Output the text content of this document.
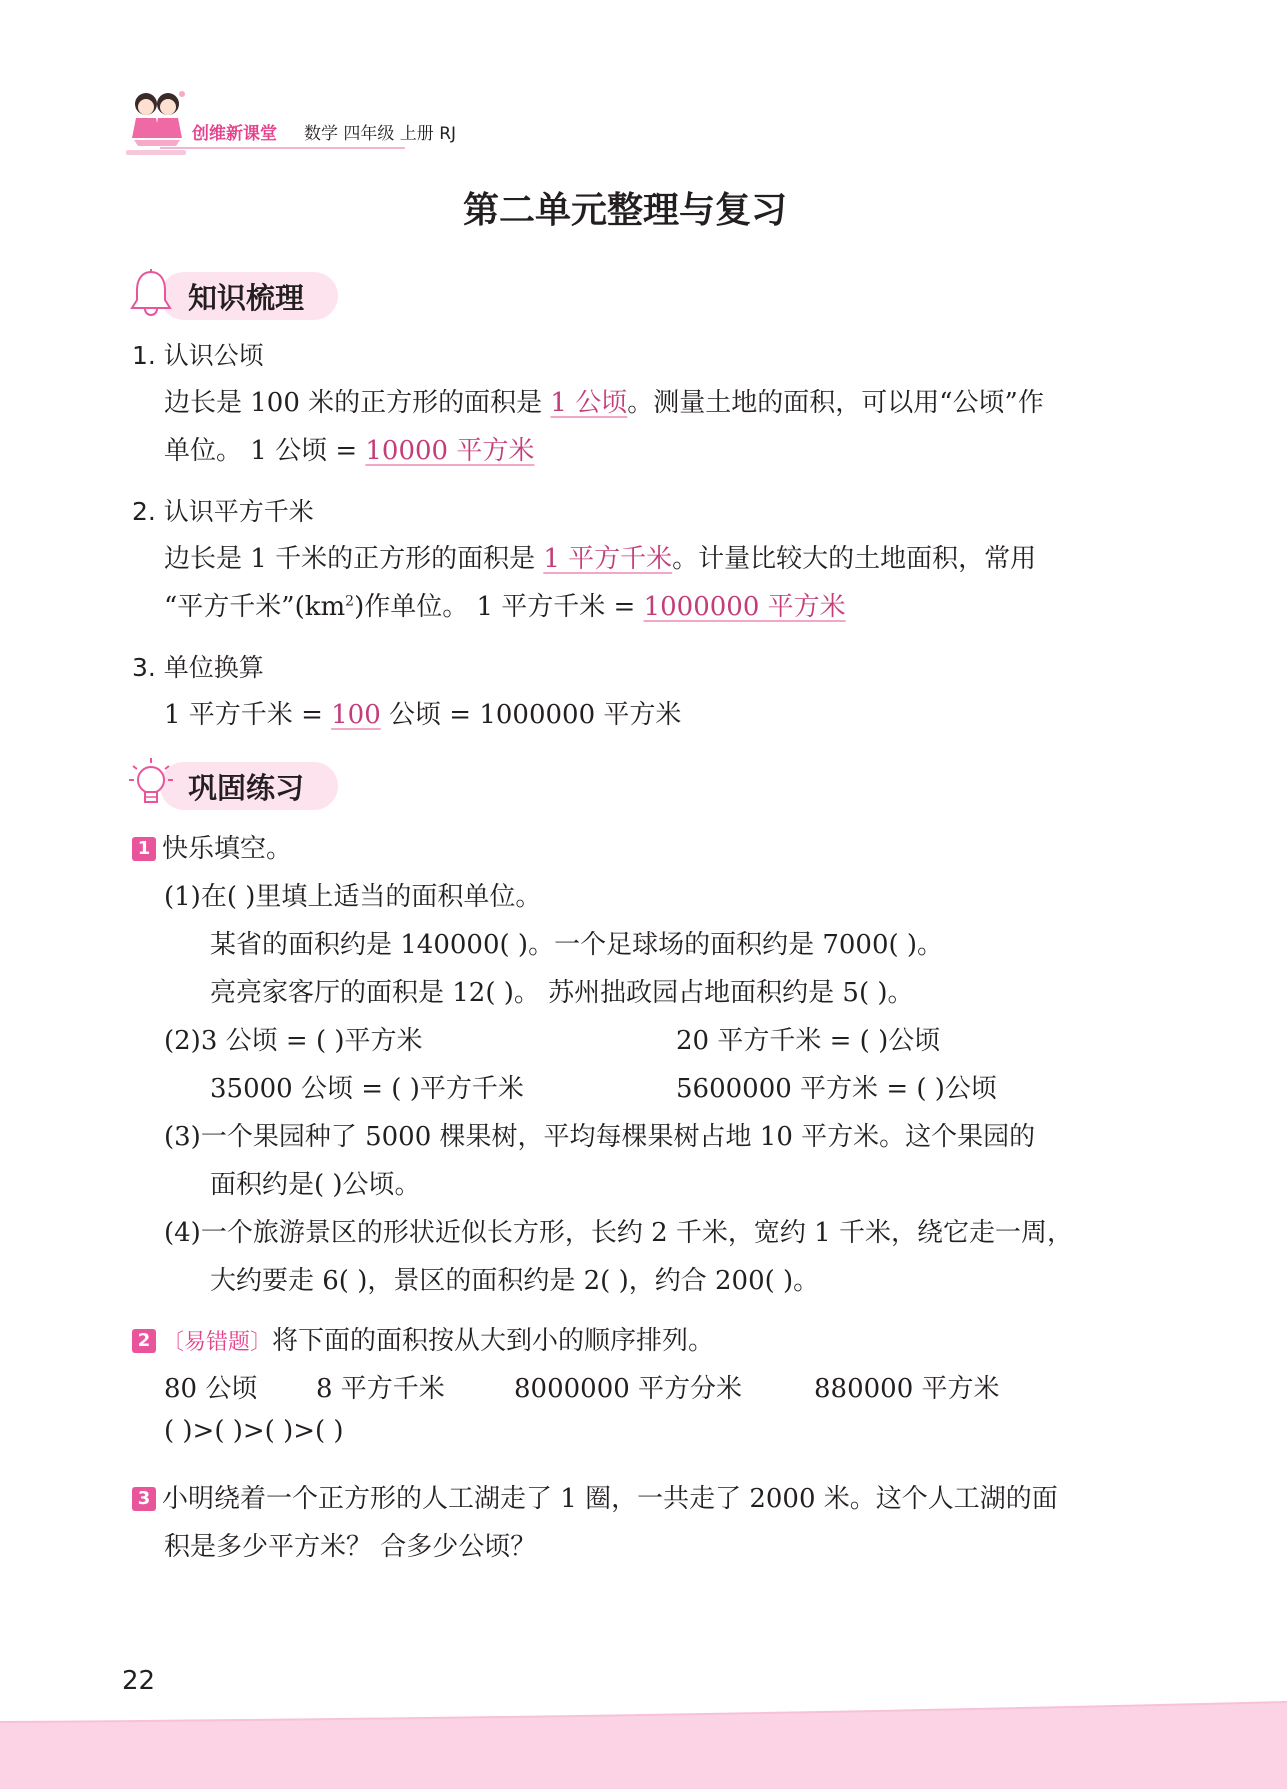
创维新课堂 数学 四年级 上册 RJ
第二单元整理与复习
知识梳理
1. 认识公顷
边长是 100 米的正方形的面积是 1 公顷。测量土地的面积，可以用“公顷”作
单位。 1 公顷 = 10000 平方米
2. 认识平方千米
边长是 1 千米的正方形的面积是 1 平方千米。计量比较大的土地面积，常用
“平方千米$”(km^2)$作单位。 1 平方千米 = 1000000 平方米
3. 单位换算
1 平方千米 = 100 公顷 = 1000000 平方米
巩固练习
1 快乐填空。
(1)在( )里填上适当的面积单位。
某省的面积约是 140000( )。一个足球场的面积约是 7000( )。
亮亮家客厅的面积是 12( )。 苏州拙政园占地面积约是 5( )。
(2)3 公顷 = ( )平方米	20 平方千米 = ( )公顷
35000 公顷 = ( )平方千米	5600000 平方米 = ( )公顷
(3)一个果园种了 5000 棵果树，平均每棵果树占地 10 平方米。这个果园的
面积约是( )公顷。
(4)一个旅游景区的形状近似长方形，长约 2 千米，宽约 1 千米，绕它走一周，
大约要走 6( )，景区的面积约是 2( )，约合 200( )。
2 〔易错题〕将下面的面积按从大到小的顺序排列。
80 公顷 8 平方千米	8000000 平方分米	880000 平方米
( )>( )>( )>( )
3 小明绕着一个正方形的人工湖走了 1 圈，一共走了 2000 米。这个人工湖的面
积是多少平方米？ 合多少公顷？
22
